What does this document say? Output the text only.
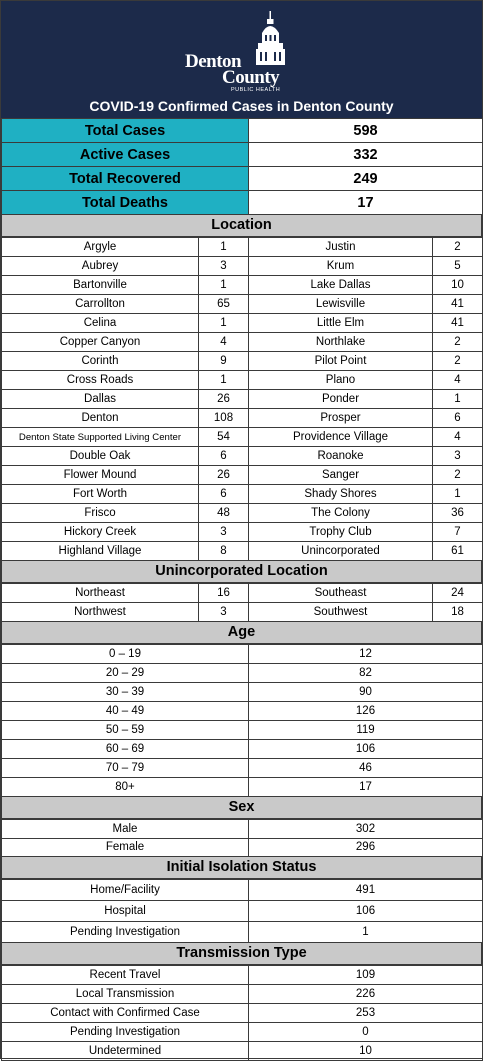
Denton
County
PUBLIC HEALTH
COVID-19 Confirmed Cases in Denton County
Total Cases	598
Active Cases	332
Total Recovered	249
Total Deaths	17
Location
Argyle	1	Justin	2
Aubrey	3	Krum	5
Bartonville	1	Lake Dallas	10
Carrollton	65	Lewisville	41
Celina	1	Little Elm	41
Copper Canyon	4	Northlake	2
Corinth	9	Pilot Point	2
Cross Roads	1	Plano	4
Dallas	26	Ponder	1
Denton	108	Prosper	6
Denton State Supported Living Center	54	Providence Village	4
Double Oak	6	Roanoke	3
Flower Mound	26	Sanger	2
Fort Worth	6	Shady Shores	1
Frisco	48	The Colony	36
Hickory Creek	3	Trophy Club	7
Highland Village	8	Unincorporated	61
Unincorporated Location
Northeast	16	Southeast	24
Northwest	3	Southwest	18
Age
0 – 19	12
20 – 29	82
30 – 39	90
40 – 49	126
50 – 59	119
60 – 69	106
70 – 79	46
80+	17
Sex
Male	302
Female	296
Initial Isolation Status
Home/Facility	491
Hospital	106
Pending Investigation	1
Transmission Type
Recent Travel	109
Local Transmission	226
Contact with Confirmed Case	253
Pending Investigation	0
Undetermined	10
